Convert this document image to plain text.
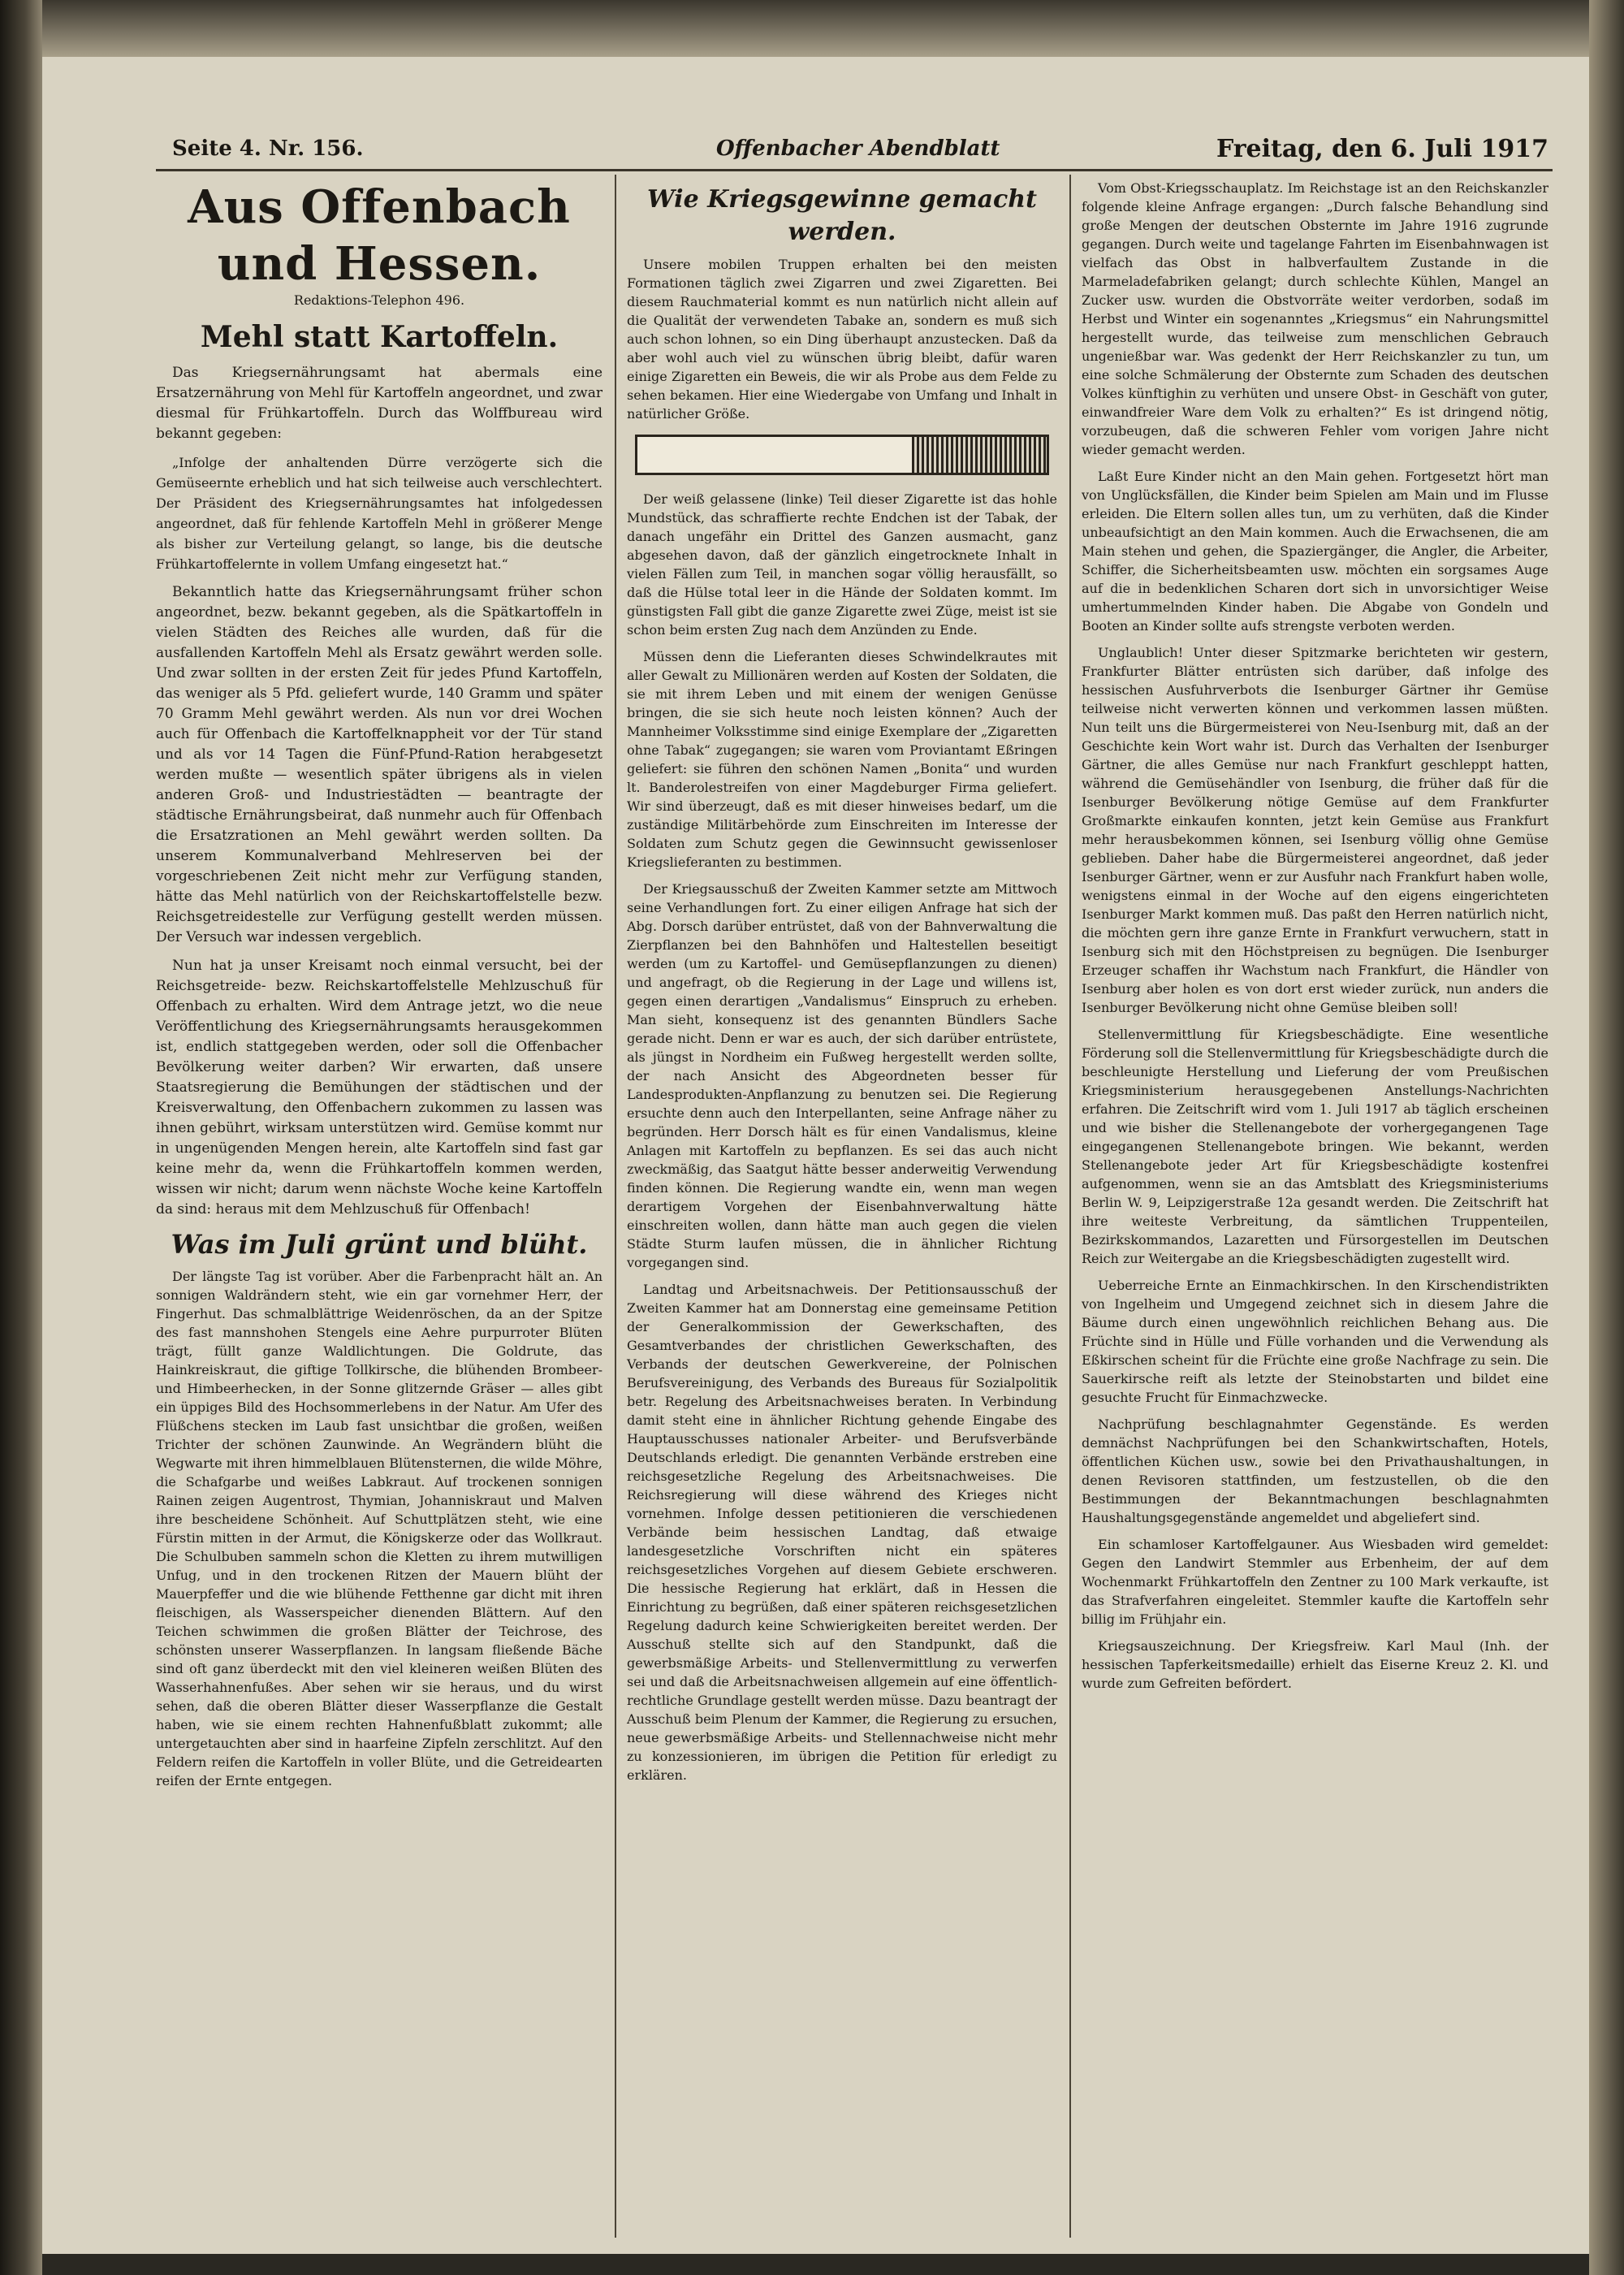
Seite 4. Nr. 156.	Offenbacher Abendblatt	Freitag, den 6. Juli 1917
Aus Offenbach und Hessen.
Redaktions-Telephon 496.
Mehl statt Kartoffeln.

Das Kriegsernährungsamt hat abermals eine Ersatzernährung von Mehl für Kartoffeln angeordnet, und zwar diesmal für Frühkartoffeln. Durch das Wolffbureau wird bekannt gegeben:

„Infolge der anhaltenden Dürre verzögerte sich die Gemüseernte erheblich und hat sich teilweise auch verschlechtert. Der Präsident des Kriegsernährungsamtes hat infolgedessen angeordnet, daß für fehlende Kartoffeln Mehl in größerer Menge als bisher zur Verteilung gelangt, so lange, bis die deutsche Frühkartoffelernte in vollem Umfang eingesetzt hat.“

Bekanntlich hatte das Kriegsernährungsamt früher schon angeordnet, bezw. bekannt gegeben, als die Spätkartoffeln in vielen Städten des Reiches alle wurden, daß für die ausfallenden Kartoffeln Mehl als Ersatz gewährt werden solle. Und zwar sollten in der ersten Zeit für jedes Pfund Kartoffeln, das weniger als 5 Pfd. geliefert wurde, 140 Gramm und später 70 Gramm Mehl gewährt werden. Als nun vor drei Wochen auch für Offenbach die Kartoffelknappheit vor der Tür stand und als vor 14 Tagen die Fünf-Pfund-Ration herabgesetzt werden mußte — wesentlich später übrigens als in vielen anderen Groß- und Industriestädten — beantragte der städtische Ernährungsbeirat, daß nunmehr auch für Offenbach die Ersatzrationen an Mehl gewährt werden sollten. Da unserem Kommunalverband Mehlreserven bei der vorgeschriebenen Zeit nicht mehr zur Verfügung standen, hätte das Mehl natürlich von der Reichskartoffelstelle bezw. Reichsgetreidestelle zur Verfügung gestellt werden müssen. Der Versuch war indessen vergeblich.

Nun hat ja unser Kreisamt noch einmal versucht, bei der Reichsgetreide- bezw. Reichskartoffelstelle Mehlzuschuß für Offenbach zu erhalten. Wird dem Antrage jetzt, wo die neue Veröffentlichung des Kriegsernährungsamts herausgekommen ist, endlich stattgegeben werden, oder soll die Offenbacher Bevölkerung weiter darben? Wir erwarten, daß unsere Staatsregierung die Bemühungen der städtischen und der Kreisverwaltung, den Offenbachern zukommen zu lassen was ihnen gebührt, wirksam unterstützen wird. Gemüse kommt nur in ungenügenden Mengen herein, alte Kartoffeln sind fast gar keine mehr da, wenn die Frühkartoffeln kommen werden, wissen wir nicht; darum wenn nächste Woche keine Kartoffeln da sind: heraus mit dem Mehlzuschuß für Offenbach!

Was im Juli grünt und blüht.

Der längste Tag ist vorüber. Aber die Farbenpracht hält an. An sonnigen Waldrändern steht, wie ein gar vornehmer Herr, der Fingerhut. Das schmalblättrige Weidenröschen, da an der Spitze des fast mannshohen Stengels eine Aehre purpurroter Blüten trägt, füllt ganze Waldlichtungen. Die Goldrute, das Hainkreiskraut, die giftige Tollkirsche, die blühenden Brombeer- und Himbeerhecken, in der Sonne glitzernde Gräser — alles gibt ein üppiges Bild des Hochsommerlebens in der Natur. Am Ufer des Flüßchens stecken im Laub fast unsichtbar die großen, weißen Trichter der schönen Zaunwinde. An Wegrändern blüht die Wegwarte mit ihren himmelblauen Blütensternen, die wilde Möhre, die Schafgarbe und weißes Labkraut. Auf trockenen sonnigen Rainen zeigen Augentrost, Thymian, Johanniskraut und Malven ihre bescheidene Schönheit. Auf Schuttplätzen steht, wie eine Fürstin mitten in der Armut, die Königskerze oder das Wollkraut. Die Schulbuben sammeln schon die Kletten zu ihrem mutwilligen Unfug, und in den trockenen Ritzen der Mauern blüht der Mauerpfeffer und die wie blühende Fetthenne gar dicht mit ihren fleischigen, als Wasserspeicher dienenden Blättern. Auf den Teichen schwimmen die großen Blätter der Teichrose, des schönsten unserer Wasserpflanzen. In langsam fließende Bäche sind oft ganz überdeckt mit den viel kleineren weißen Blüten des Wasserhahnenfußes. Aber sehen wir sie heraus, und du wirst sehen, daß die oberen Blätter dieser Wasserpflanze die Gestalt haben, wie sie einem rechten Hahnenfußblatt zukommt; alle untergetauchten aber sind in haarfeine Zipfeln zerschlitzt. Auf den Feldern reifen die Kartoffeln in voller Blüte, und die Getreidearten reifen der Ernte entgegen.

Wie Kriegsgewinne gemacht werden.

Unsere mobilen Truppen erhalten bei den meisten Formationen täglich zwei Zigarren und zwei Zigaretten. Bei diesem Rauchmaterial kommt es nun natürlich nicht allein auf die Qualität der verwendeten Tabake an, sondern es muß sich auch schon lohnen, so ein Ding überhaupt anzustecken. Daß da aber wohl auch viel zu wünschen übrig bleibt, dafür waren einige Zigaretten ein Beweis, die wir als Probe aus dem Felde zu sehen bekamen. Hier eine Wiedergabe von Umfang und Inhalt in natürlicher Größe.

Der weiß gelassene (linke) Teil dieser Zigarette ist das hohle Mundstück, das schraffierte rechte Endchen ist der Tabak, der danach ungefähr ein Drittel des Ganzen ausmacht, ganz abgesehen davon, daß der gänzlich eingetrocknete Inhalt in vielen Fällen zum Teil, in manchen sogar völlig herausfällt, so daß die Hülse total leer in die Hände der Soldaten kommt. Im günstigsten Fall gibt die ganze Zigarette zwei Züge, meist ist sie schon beim ersten Zug nach dem Anzünden zu Ende.

Müssen denn die Lieferanten dieses Schwindelkrautes mit aller Gewalt zu Millionären werden auf Kosten der Soldaten, die sie mit ihrem Leben und mit einem der wenigen Genüsse bringen, die sie sich heute noch leisten können? Auch der Mannheimer Volksstimme sind einige Exemplare der „Zigaretten ohne Tabak“ zugegangen; sie waren vom Proviantamt Eßringen geliefert: sie führen den schönen Namen „Bonita“ und wurden lt. Banderolestreifen von einer Magdeburger Firma geliefert. Wir sind überzeugt, daß es mit dieser hinweises bedarf, um die zuständige Militärbehörde zum Einschreiten im Interesse der Soldaten zum Schutz gegen die Gewinnsucht gewissenloser Kriegslieferanten zu bestimmen.

Der Kriegsausschuß der Zweiten Kammer setzte am Mittwoch seine Verhandlungen fort. Zu einer eiligen Anfrage hat sich der Abg. Dorsch darüber entrüstet, daß von der Bahnverwaltung die Zierpflanzen bei den Bahnhöfen und Haltestellen beseitigt werden (um zu Kartoffel- und Gemüsepflanzungen zu dienen) und angefragt, ob die Regierung in der Lage und willens ist, gegen einen derartigen „Vandalismus“ Einspruch zu erheben. Man sieht, konsequenz ist des genannten Bündlers Sache gerade nicht. Denn er war es auch, der sich darüber entrüstete, als jüngst in Nordheim ein Fußweg hergestellt werden sollte, der nach Ansicht des Abgeordneten besser für Landesprodukten-Anpflanzung zu benutzen sei. Die Regierung ersuchte denn auch den Interpellanten, seine Anfrage näher zu begründen. Herr Dorsch hält es für einen Vandalismus, kleine Anlagen mit Kartoffeln zu bepflanzen. Es sei das auch nicht zweckmäßig, das Saatgut hätte besser anderweitig Verwendung finden können. Die Regierung wandte ein, wenn man wegen derartigem Vorgehen der Eisenbahnverwaltung hätte einschreiten wollen, dann hätte man auch gegen die vielen Städte Sturm laufen müssen, die in ähnlicher Richtung vorgegangen sind.

Landtag und Arbeitsnachweis. Der Petitionsausschuß der Zweiten Kammer hat am Donnerstag eine gemeinsame Petition der Generalkommission der Gewerkschaften, des Gesamtverbandes der christlichen Gewerkschaften, des Verbands der deutschen Gewerkvereine, der Polnischen Berufsvereinigung, des Verbands des Bureaus für Sozialpolitik betr. Regelung des Arbeitsnachweises beraten. In Verbindung damit steht eine in ähnlicher Richtung gehende Eingabe des Hauptausschusses nationaler Arbeiter- und Berufsverbände Deutschlands erledigt. Die genannten Verbände erstreben eine reichsgesetzliche Regelung des Arbeitsnachweises. Die Reichsregierung will diese während des Krieges nicht vornehmen. Infolge dessen petitionieren die verschiedenen Verbände beim hessischen Landtag, daß etwaige landesgesetzliche Vorschriften nicht ein späteres reichsgesetzliches Vorgehen auf diesem Gebiete erschweren. Die hessische Regierung hat erklärt, daß in Hessen die Einrichtung zu begrüßen, daß einer späteren reichsgesetzlichen Regelung dadurch keine Schwierigkeiten bereitet werden. Der Ausschuß stellte sich auf den Standpunkt, daß die gewerbsmäßige Arbeits- und Stellenvermittlung zu verwerfen sei und daß die Arbeitsnachweisen allgemein auf eine öffentlich-rechtliche Grundlage gestellt werden müsse. Dazu beantragt der Ausschuß beim Plenum der Kammer, die Regierung zu ersuchen, neue gewerbsmäßige Arbeits- und Stellennachweise nicht mehr zu konzessionieren, im übrigen die Petition für erledigt zu erklären.

Vom Obst-Kriegsschauplatz. Im Reichstage ist an den Reichskanzler folgende kleine Anfrage ergangen: „Durch falsche Behandlung sind große Mengen der deutschen Obsternte im Jahre 1916 zugrunde gegangen. Durch weite und tagelange Fahrten im Eisenbahnwagen ist vielfach das Obst in halbverfaultem Zustande in die Marmeladefabriken gelangt; durch schlechte Kühlen, Mangel an Zucker usw. wurden die Obstvorräte weiter verdorben, sodaß im Herbst und Winter ein sogenanntes „Kriegsmus“ ein Nahrungsmittel hergestellt wurde, das teilweise zum menschlichen Gebrauch ungenießbar war. Was gedenkt der Herr Reichskanzler zu tun, um eine solche Schmälerung der Obsternte zum Schaden des deutschen Volkes künftighin zu verhüten und unsere Obst- in Geschäft von guter, einwandfreier Ware dem Volk zu erhalten?“ Es ist dringend nötig, vorzubeugen, daß die schweren Fehler vom vorigen Jahre nicht wieder gemacht werden.

Laßt Eure Kinder nicht an den Main gehen. Fortgesetzt hört man von Unglücksfällen, die Kinder beim Spielen am Main und im Flusse erleiden. Die Eltern sollen alles tun, um zu verhüten, daß die Kinder unbeaufsichtigt an den Main kommen. Auch die Erwachsenen, die am Main stehen und gehen, die Spaziergänger, die Angler, die Arbeiter, Schiffer, die Sicherheitsbeamten usw. möchten ein sorgsames Auge auf die in bedenklichen Scharen dort sich in unvorsichtiger Weise umhertummelnden Kinder haben. Die Abgabe von Gondeln und Booten an Kinder sollte aufs strengste verboten werden.

Unglaublich! Unter dieser Spitzmarke berichteten wir gestern, Frankfurter Blätter entrüsten sich darüber, daß infolge des hessischen Ausfuhrverbots die Isenburger Gärtner ihr Gemüse teilweise nicht verwerten können und verkommen lassen müßten. Nun teilt uns die Bürgermeisterei von Neu-Isenburg mit, daß an der Geschichte kein Wort wahr ist. Durch das Verhalten der Isenburger Gärtner, die alles Gemüse nur nach Frankfurt geschleppt hatten, während die Gemüsehändler von Isenburg, die früher daß für die Isenburger Bevölkerung nötige Gemüse auf dem Frankfurter Großmarkte einkaufen konnten, jetzt kein Gemüse aus Frankfurt mehr herausbekommen können, sei Isenburg völlig ohne Gemüse geblieben. Daher habe die Bürgermeisterei angeordnet, daß jeder Isenburger Gärtner, wenn er zur Ausfuhr nach Frankfurt haben wolle, wenigstens einmal in der Woche auf den eigens eingerichteten Isenburger Markt kommen muß. Das paßt den Herren natürlich nicht, die möchten gern ihre ganze Ernte in Frankfurt verwuchern, statt in Isenburg sich mit den Höchstpreisen zu begnügen. Die Isenburger Erzeuger schaffen ihr Wachstum nach Frankfurt, die Händler von Isenburg aber holen es von dort erst wieder zurück, nun anders die Isenburger Bevölkerung nicht ohne Gemüse bleiben soll!

Stellenvermittlung für Kriegsbeschädigte. Eine wesentliche Förderung soll die Stellenvermittlung für Kriegsbeschädigte durch die beschleunigte Herstellung und Lieferung der vom Preußischen Kriegsministerium herausgegebenen Anstellungs-Nachrichten erfahren. Die Zeitschrift wird vom 1. Juli 1917 ab täglich erscheinen und wie bisher die Stellenangebote der vorhergegangenen Tage eingegangenen Stellenangebote bringen. Wie bekannt, werden Stellenangebote jeder Art für Kriegsbeschädigte kostenfrei aufgenommen, wenn sie an das Amtsblatt des Kriegsministeriums Berlin W. 9, Leipzigerstraße 12a gesandt werden. Die Zeitschrift hat ihre weiteste Verbreitung, da sämtlichen Truppenteilen, Bezirkskommandos, Lazaretten und Fürsorgestellen im Deutschen Reich zur Weitergabe an die Kriegsbeschädigten zugestellt wird.

Ueberreiche Ernte an Einmachkirschen. In den Kirschendistrikten von Ingelheim und Umgegend zeichnet sich in diesem Jahre die Bäume durch einen ungewöhnlich reichlichen Behang aus. Die Früchte sind in Hülle und Fülle vorhanden und die Verwendung als Eßkirschen scheint für die Früchte eine große Nachfrage zu sein. Die Sauerkirsche reift als letzte der Steinobstarten und bildet eine gesuchte Frucht für Einmachzwecke.

Nachprüfung beschlagnahmter Gegenstände. Es werden demnächst Nachprüfungen bei den Schankwirtschaften, Hotels, öffentlichen Küchen usw., sowie bei den Privathaushaltungen, in denen Revisoren stattfinden, um festzustellen, ob die den Bestimmungen der Bekanntmachungen beschlagnahmten Haushaltungsgegenstände angemeldet und abgeliefert sind.

Ein schamloser Kartoffelgauner. Aus Wiesbaden wird gemeldet: Gegen den Landwirt Stemmler aus Erbenheim, der auf dem Wochenmarkt Frühkartoffeln den Zentner zu 100 Mark verkaufte, ist das Strafverfahren eingeleitet. Stemmler kaufte die Kartoffeln sehr billig im Frühjahr ein.

Kriegsauszeichnung. Der Kriegsfreiw. Karl Maul (Inh. der hessischen Tapferkeitsmedaille) erhielt das Eiserne Kreuz 2. Kl. und wurde zum Gefreiten befördert.
